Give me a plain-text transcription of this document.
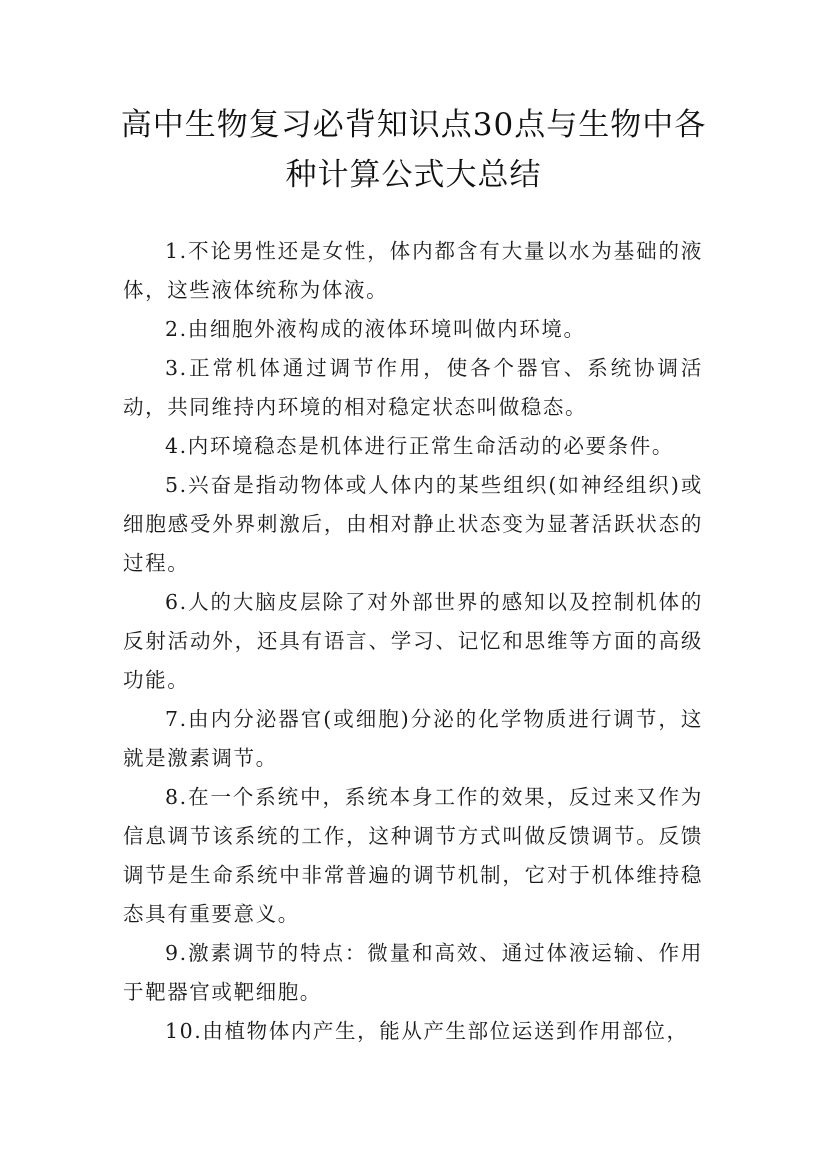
高中生物复习必背知识点30点与生物中各种计算公式大总结

1.不论男性还是女性，体内都含有大量以水为基础的液体，这些液体统称为体液。

2.由细胞外液构成的液体环境叫做内环境。

3.正常机体通过调节作用，使各个器官、系统协调活动，共同维持内环境的相对稳定状态叫做稳态。

4.内环境稳态是机体进行正常生命活动的必要条件。

5.兴奋是指动物体或人体内的某些组织(如神经组织)或细胞感受外界刺激后，由相对静止状态变为显著活跃状态的过程。

6.人的大脑皮层除了对外部世界的感知以及控制机体的反射活动外，还具有语言、学习、记忆和思维等方面的高级功能。

7.由内分泌器官(或细胞)分泌的化学物质进行调节，这就是激素调节。

8.在一个系统中，系统本身工作的效果，反过来又作为信息调节该系统的工作，这种调节方式叫做反馈调节。反馈调节是生命系统中非常普遍的调节机制，它对于机体维持稳态具有重要意义。

9.激素调节的特点：微量和高效、通过体液运输、作用于靶器官或靶细胞。

10.由植物体内产生，能从产生部位运送到作用部位，
